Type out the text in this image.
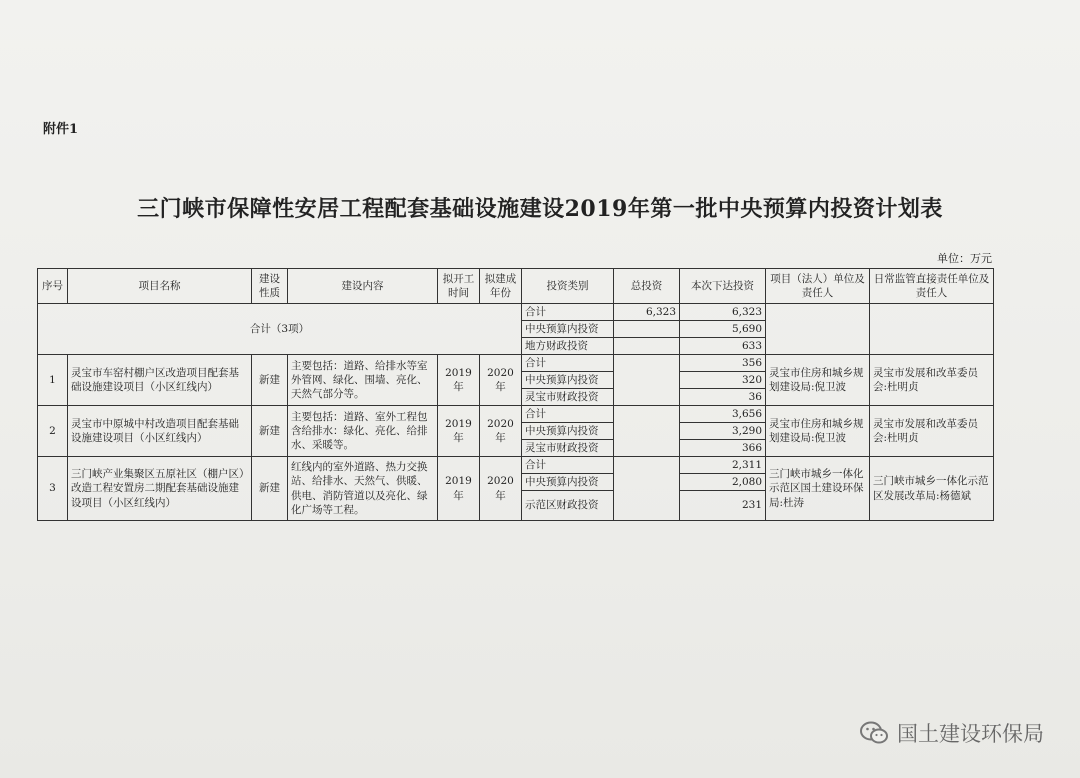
附件1
三门峡市保障性安居工程配套基础设施建设2019年第一批中央预算内投资计划表
单位：万元
序号	项目名称	建设性质	建设内容	拟开工时间	拟建成年份	投资类别	总投资	本次下达投资	项目（法人）单位及责任人	日常监管直接责任单位及责任人
合计（3项）						合计	6,323	6,323		
						中央预算内投资		5,690		
						地方财政投资		633		
1	灵宝市车窑村棚户区改造项目配套基础设施建设项目（小区红线内）	新建	主要包括：道路、给排水等室外管网、绿化、围墙、亮化、天然气部分等。	2019年	2020年	合计		356	灵宝市住房和城乡规划建设局:倪卫波	灵宝市发展和改革委员会:杜明贞
						中央预算内投资		320		
						灵宝市财政投资		36		
2	灵宝市中原城中村改造项目配套基础设施建设项目（小区红线内）	新建	主要包括：道路、室外工程包含给排水：绿化、亮化、给排水、采暖等。	2019年	2020年	合计		3,656	灵宝市住房和城乡规划建设局:倪卫波	灵宝市发展和改革委员会:杜明贞
						中央预算内投资		3,290		
						灵宝市财政投资		366		
3	三门峡产业集聚区五原社区（棚户区）改造工程安置房二期配套基础设施建设项目（小区红线内）	新建	红线内的室外道路、热力交换站、给排水、天然气、供暖、供电、消防管道以及亮化、绿化广场等工程。	2019年	2020年	合计		2,311	三门峡市城乡一体化示范区国土建设环保局:杜涛	三门峡市城乡一体化示范区发展改革局:杨德斌
						中央预算内投资		2,080		
						示范区财政投资		231		
国土建设环保局
